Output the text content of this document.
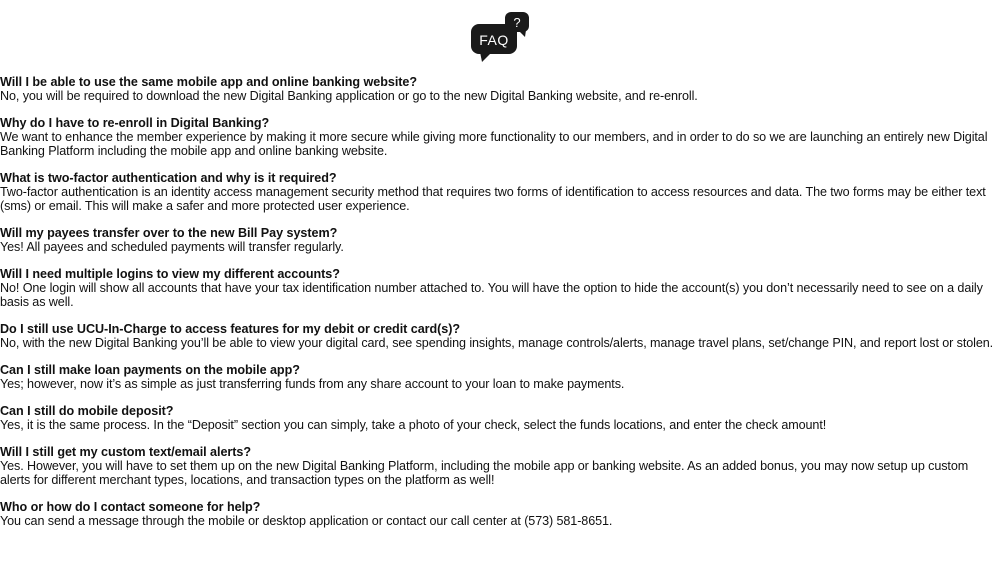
?
FAQ
Will I be able to use the same mobile app and online banking website?
No, you will be required to download the new Digital Banking application or go to the new Digital Banking website, and re-enroll.
Why do I have to re-enroll in Digital Banking?
We want to enhance the member experience by making it more secure while giving more functionality to our members, and in order to do so we are launching an entirely new Digital Banking Platform including the mobile app and online banking website.
What is two-factor authentication and why is it required?
Two-factor authentication is an identity access management security method that requires two forms of identification to access resources and data. The two forms may be either text (sms) or email. This will make a safer and more protected user experience.
Will my payees transfer over to the new Bill Pay system?
Yes! All payees and scheduled payments will transfer regularly.
Will I need multiple logins to view my different accounts?
No! One login will show all accounts that have your tax identification number attached to. You will have the option to hide the account(s) you don’t necessarily need to see on a daily basis as well.
Do I still use UCU-In-Charge to access features for my debit or credit card(s)?
No, with the new Digital Banking you’ll be able to view your digital card, see spending insights, manage controls/alerts, manage travel plans, set/change PIN, and report lost or stolen.
Can I still make loan payments on the mobile app?
Yes; however, now it’s as simple as just transferring funds from any share account to your loan to make payments.
Can I still do mobile deposit?
Yes, it is the same process. In the “Deposit” section you can simply, take a photo of your check, select the funds locations, and enter the check amount!
Will I still get my custom text/email alerts?
Yes. However, you will have to set them up on the new Digital Banking Platform, including the mobile app or banking website. As an added bonus, you may now setup up custom alerts for different merchant types, locations, and transaction types on the platform as well!
Who or how do I contact someone for help?
You can send a message through the mobile or desktop application or contact our call center at (573) 581-8651.
